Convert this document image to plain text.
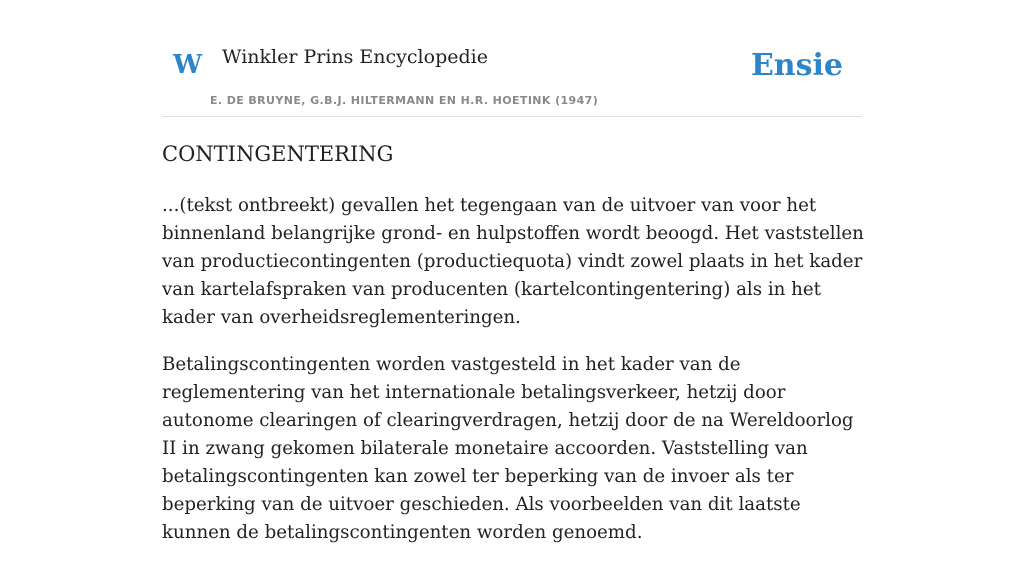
W Winkler Prins Encyclopedie
E. DE BRUYNE, G.B.J. HILTERMANN EN H.R. HOETINK (1947)
Ensie
CONTINGENTERING

...(tekst ontbreekt) gevallen het tegengaan van de uitvoer van voor het binnenland belangrijke grond- en hulpstoffen wordt beoogd. Het vaststellen van productiecontingenten (productiequota) vindt zowel plaats in het kader van kartelafspraken van producenten (kartelcontingentering) als in het kader van overheidsreglementeringen.

Betalingscontingenten worden vastgesteld in het kader van de reglementering van het internationale betalingsverkeer, hetzij door autonome clearingen of clearingverdragen, hetzij door de na Wereldoorlog II in zwang gekomen bilaterale monetaire accoorden. Vaststelling van betalingscontingenten kan zowel ter beperking van de invoer als ter beperking van de uitvoer geschieden. Als voorbeelden van dit laatste kunnen de betalingscontingenten worden genoemd.
